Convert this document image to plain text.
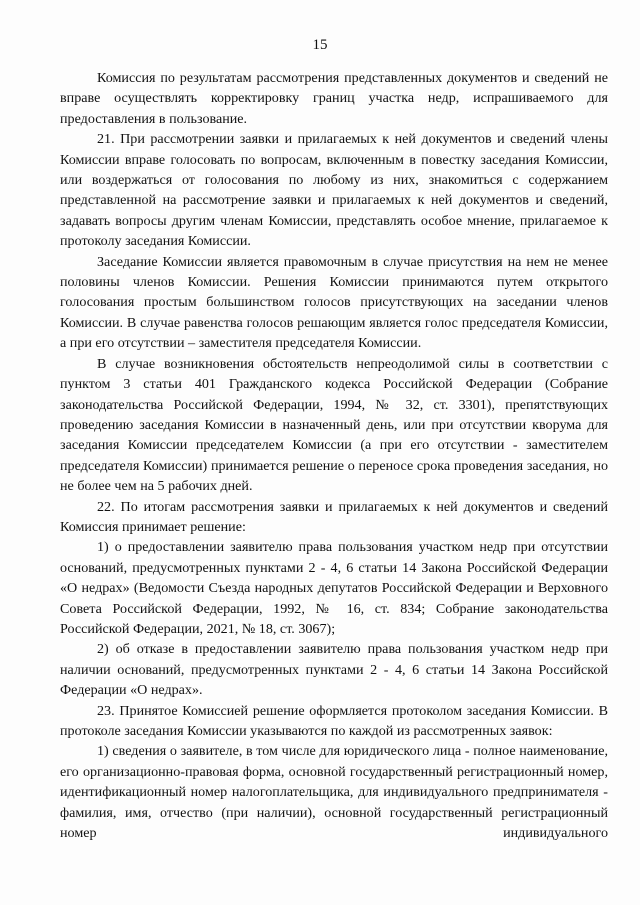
15

Комиссия по результатам рассмотрения представленных документов и сведений не вправе осуществлять корректировку границ участка недр, испрашиваемого для предоставления в пользование.

21. При рассмотрении заявки и прилагаемых к ней документов и сведений члены Комиссии вправе голосовать по вопросам, включенным в повестку заседания Комиссии, или воздержаться от голосования по любому из них, знакомиться с содержанием представленной на рассмотрение заявки и прилагаемых к ней документов и сведений, задавать вопросы другим членам Комиссии, представлять особое мнение, прилагаемое к протоколу заседания Комиссии.

Заседание Комиссии является правомочным в случае присутствия на нем не менее половины членов Комиссии. Решения Комиссии принимаются путем открытого голосования простым большинством голосов присутствующих на заседании членов Комиссии. В случае равенства голосов решающим является голос председателя Комиссии, а при его отсутствии – заместителя председателя Комиссии.

В случае возникновения обстоятельств непреодолимой силы в соответствии с пунктом 3 статьи 401 Гражданского кодекса Российской Федерации (Собрание законодательства Российской Федерации, 1994, № 32, ст. 3301), препятствующих проведению заседания Комиссии в назначенный день, или при отсутствии кворума для заседания Комиссии председателем Комиссии (а при его отсутствии - заместителем председателя Комиссии) принимается решение о переносе срока проведения заседания, но не более чем на 5 рабочих дней.

22. По итогам рассмотрения заявки и прилагаемых к ней документов и сведений Комиссия принимает решение:

1) о предоставлении заявителю права пользования участком недр при отсутствии оснований, предусмотренных пунктами 2 - 4, 6 статьи 14 Закона Российской Федерации «О недрах» (Ведомости Съезда народных депутатов Российской Федерации и Верховного Совета Российской Федерации, 1992, № 16, ст. 834; Собрание законодательства Российской Федерации, 2021, № 18, ст. 3067);

2) об отказе в предоставлении заявителю права пользования участком недр при наличии оснований, предусмотренных пунктами 2 - 4, 6 статьи 14 Закона Российской Федерации «О недрах».

23. Принятое Комиссией решение оформляется протоколом заседания Комиссии. В протоколе заседания Комиссии указываются по каждой из рассмотренных заявок:

1) сведения о заявителе, в том числе для юридического лица - полное наименование, его организационно-правовая форма, основной государственный регистрационный номер, идентификационный номер налогоплательщика, для индивидуального предпринимателя - фамилия, имя, отчество (при наличии), основной государственный регистрационный номер индивидуального
